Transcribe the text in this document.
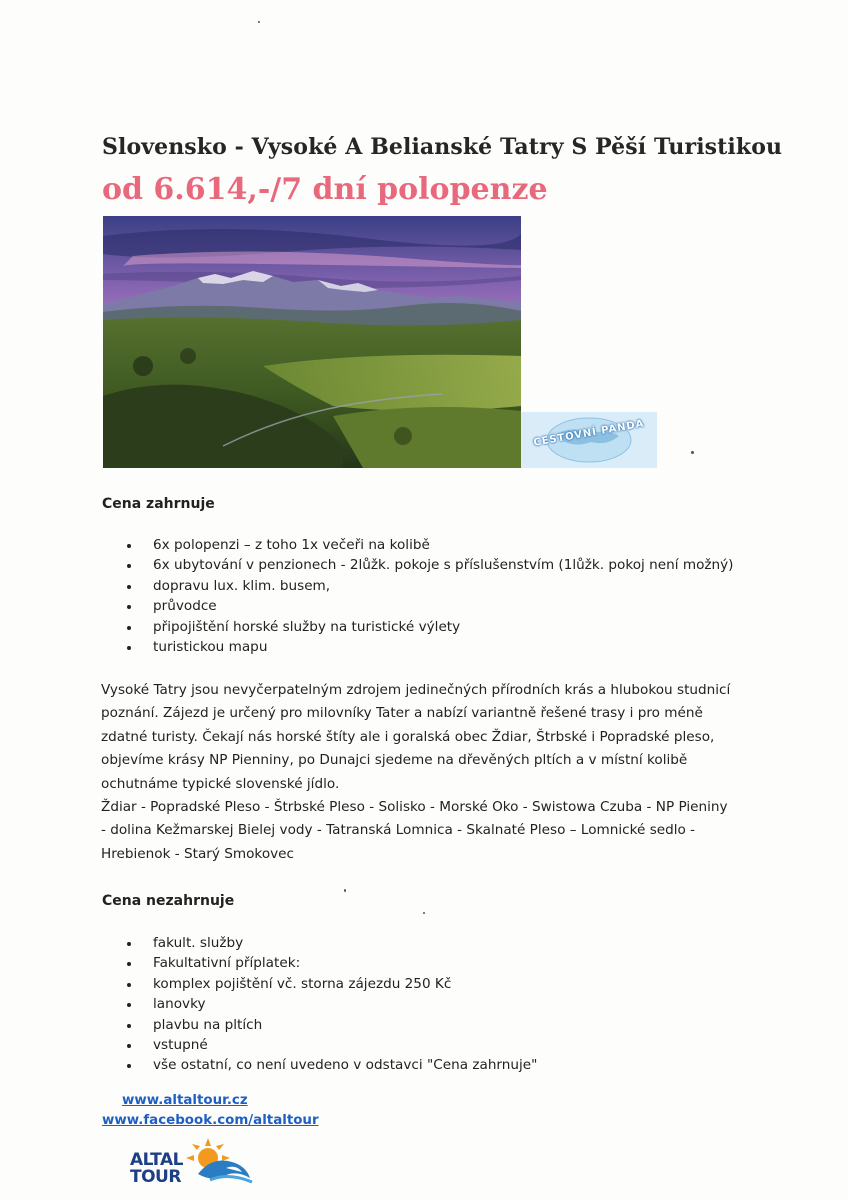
Slovensko - Vysoké A Belianské Tatry S Pěší Turistikou
od 6.614,-/7 dní polopenze
CESTOVNÍ PANDA
Cena zahrnuje
6x polopenzi – z toho 1x večeři na kolibě
6x ubytování v penzionech - 2lůžk. pokoje s příslušenstvím (1lůžk. pokoj není možný)
dopravu lux. klim. busem,
průvodce
připojištění horské služby na turistické výlety
turistickou mapu
Vysoké Tatry jsou nevyčerpatelným zdrojem jedinečných přírodních krás a hlubokou studnicí
poznání. Zájezd je určený pro milovníky Tater a nabízí variantně řešené trasy i pro méně
zdatné turisty. Čekají nás horské štíty ale i goralská obec Ždiar, Štrbské i Popradské pleso,
objevíme krásy NP Pienniny, po Dunajci sjedeme na dřevěných pltích a v místní kolibě
ochutnáme typické slovenské jídlo.
Ždiar - Popradské Pleso - Štrbské Pleso - Solisko - Morské Oko - Swistowa Czuba - NP Pieniny
- dolina Kežmarskej Bielej vody - Tatranská Lomnica - Skalnaté Pleso – Lomnické sedlo -
Hrebienok - Starý Smokovec
Cena nezahrnuje
fakult. služby
Fakultativní příplatek:
komplex pojištění vč. storna zájezdu 250 Kč
lanovky
plavbu na pltích
vstupné
vše ostatní, co není uvedeno v odstavci "Cena zahrnuje"
www.altaltour.cz
www.facebook.com/altaltour
ALTAL
TOUR
